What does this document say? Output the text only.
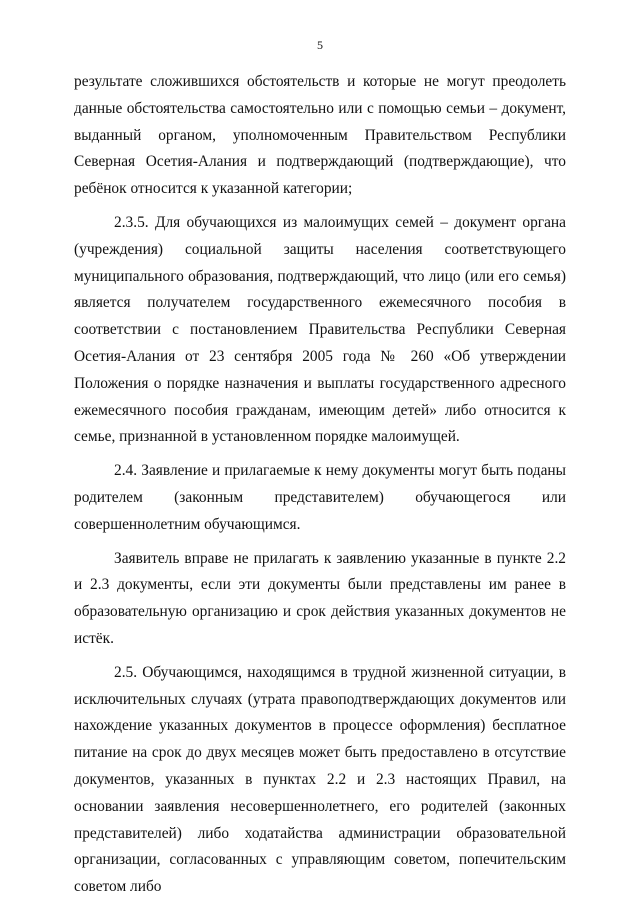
5

результате сложившихся обстоятельств и которые не могут преодолеть данные обстоятельства самостоятельно или с помощью семьи – документ, выданный органом, уполномоченным Правительством Республики Северная Осетия-Алания и подтверждающий (подтверждающие), что ребёнок относится к указанной категории;

2.3.5. Для обучающихся из малоимущих семей – документ органа (учреждения) социальной защиты населения соответствующего муниципального образования, подтверждающий, что лицо (или его семья) является получателем государственного ежемесячного пособия в соответствии с постановлением Правительства Республики Северная Осетия-Алания от 23 сентября 2005 года № 260 «Об утверждении Положения о порядке назначения и выплаты государственного адресного ежемесячного пособия гражданам, имеющим детей» либо относится к семье, признанной в установленном порядке малоимущей.

2.4. Заявление и прилагаемые к нему документы могут быть поданы родителем (законным представителем) обучающегося или совершеннолетним обучающимся.

Заявитель вправе не прилагать к заявлению указанные в пункте 2.2 и 2.3 документы, если эти документы были представлены им ранее в образовательную организацию и срок действия указанных документов не истёк.

2.5. Обучающимся, находящимся в трудной жизненной ситуации, в исключительных случаях (утрата правоподтверждающих документов или нахождение указанных документов в процессе оформления) бесплатное питание на срок до двух месяцев может быть предоставлено в отсутствие документов, указанных в пунктах 2.2 и 2.3 настоящих Правил, на основании заявления несовершеннолетнего, его родителей (законных представителей) либо ходатайства администрации образовательной организации, согласованных с управляющим советом, попечительским советом либо
